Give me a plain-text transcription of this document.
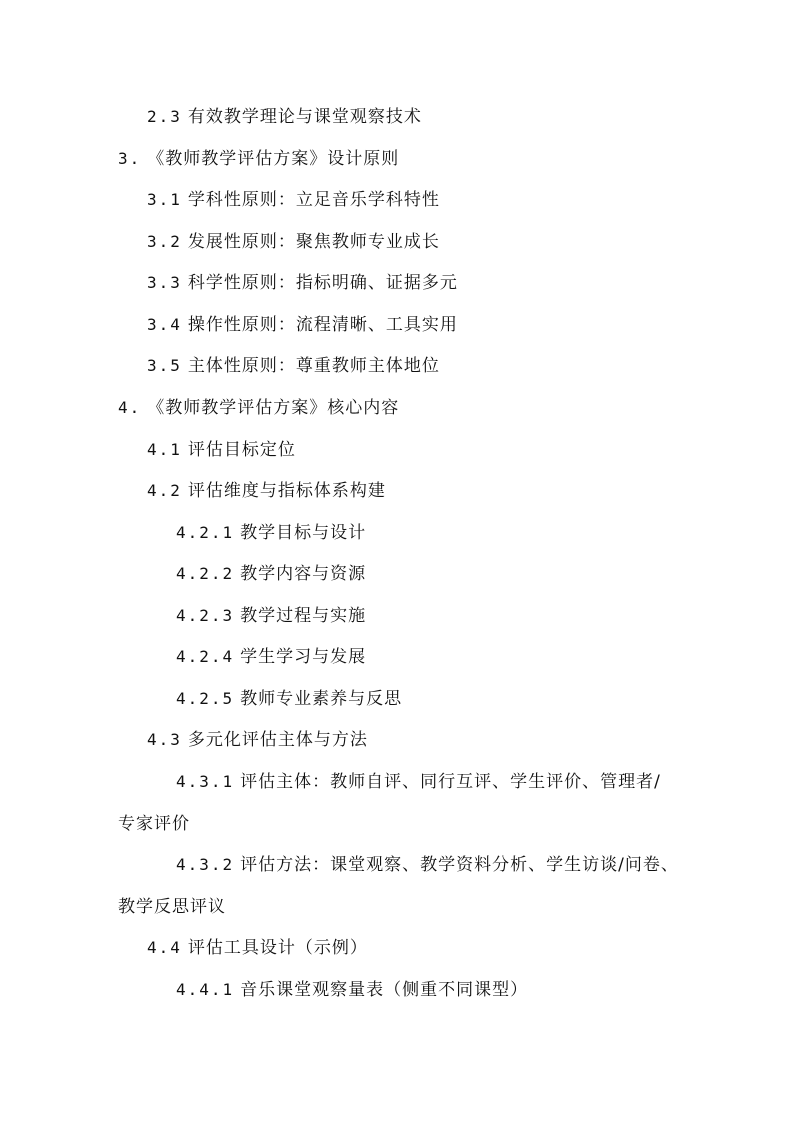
2.3 有效教学理论与课堂观察技术
3. 《教师教学评估方案》设计原则
3.1 学科性原则：立足音乐学科特性
3.2 发展性原则：聚焦教师专业成长
3.3 科学性原则：指标明确、证据多元
3.4 操作性原则：流程清晰、工具实用
3.5 主体性原则：尊重教师主体地位
4. 《教师教学评估方案》核心内容
4.1 评估目标定位
4.2 评估维度与指标体系构建
4.2.1 教学目标与设计
4.2.2 教学内容与资源
4.2.3 教学过程与实施
4.2.4 学生学习与发展
4.2.5 教师专业素养与反思
4.3 多元化评估主体与方法
4.3.1 评估主体：教师自评、同行互评、学生评价、管理者/
专家评价
4.3.2 评估方法：课堂观察、教学资料分析、学生访谈/问卷、
教学反思评议
4.4 评估工具设计（示例）
4.4.1 音乐课堂观察量表（侧重不同课型）
